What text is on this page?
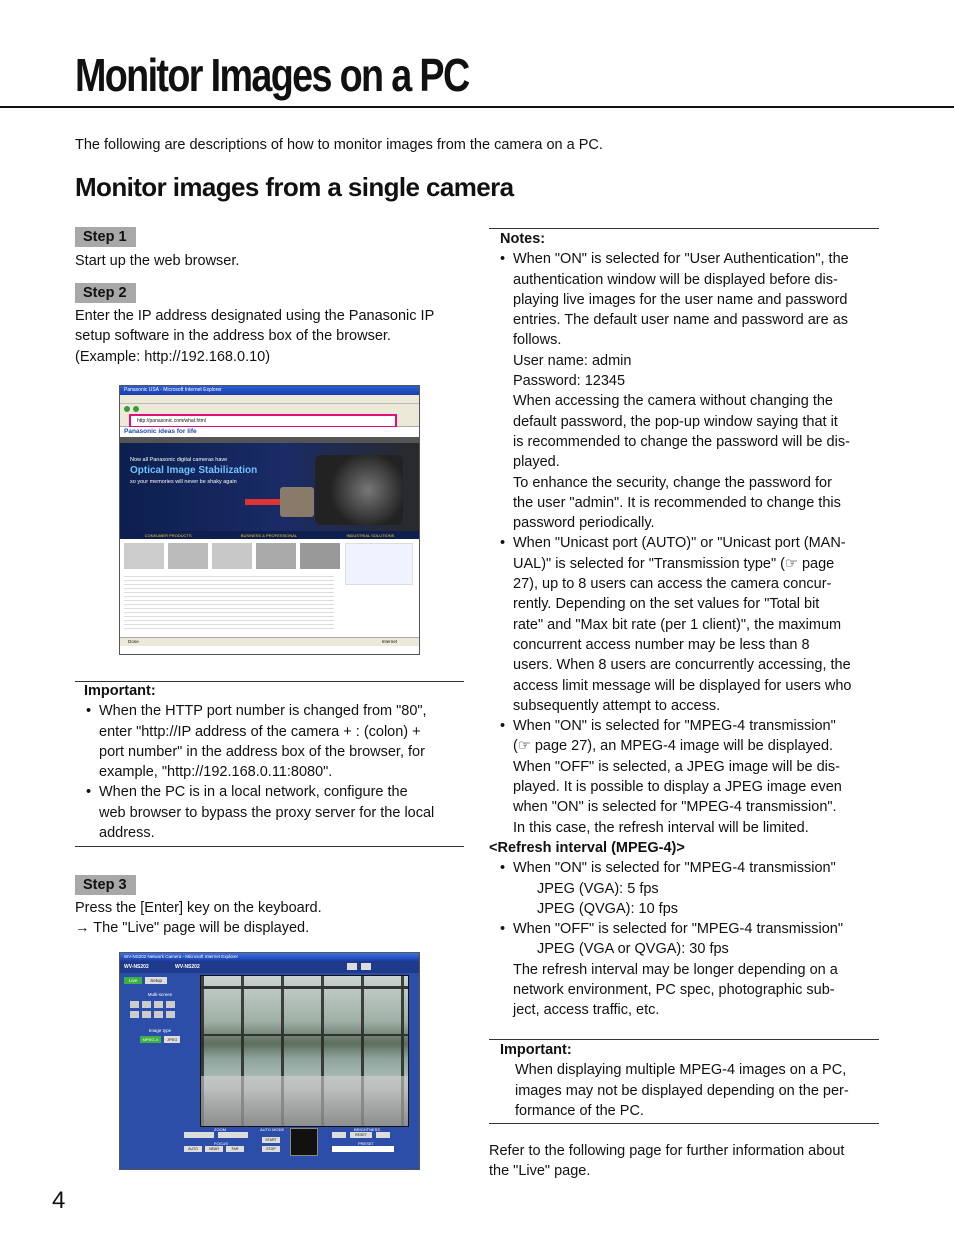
Monitor Images on a PC
The following are descriptions of how to monitor images from the camera on a PC.
Monitor images from a single camera
Step 1
Start up the web browser.
Step 2
Enter the IP address designated using the Panasonic IP
setup software in the address box of the browser.
(Example: http://192.168.0.10)
Panasonic USA - Microsoft Internet Explorer
http://panasonic.com/what.html
Panasonic ideas for life
Now all Panasonic digital cameras have
Optical Image Stabilization
so your memories will never be shaky again
CONSUMER PRODUCTS	BUSINESS & PROFESSIONAL	INDUSTRIAL SOLUTIONS
Done	Internet
Important:
• When the HTTP port number is changed from "80",
enter "http://IP address of the camera + : (colon) +
port number" in the address box of the browser, for
example, "http://192.168.0.11:8080".
• When the PC is in a local network, configure the
web browser to bypass the proxy server for the local
address.
Step 3
Press the [Enter] key on the keyboard.
→ The "Live" page will be displayed.
WV-NS202 Network Camera - Microsoft Internet Explorer
WV-NS202	WV-NS202
Live	Setup
Multi-screen
Image type
MPEG-4	JPEG
ZOOM
FOCUS
AUTO	NEAR	FAR
AUTO MODE
START
STOP
BRIGHTNESS
RESET
PRESET
Notes:
• When "ON" is selected for "User Authentication", the
authentication window will be displayed before dis-
playing live images for the user name and password
entries. The default user name and password are as
follows.
User name: admin
Password: 12345
When accessing the camera without changing the
default password, the pop-up window saying that it
is recommended to change the password will be dis-
played.
To enhance the security, change the password for
the user "admin". It is recommended to change this
password periodically.
• When "Unicast port (AUTO)" or "Unicast port (MAN-
UAL)" is selected for "Transmission type" (☞ page
27), up to 8 users can access the camera concur-
rently. Depending on the set values for "Total bit
rate" and "Max bit rate (per 1 client)", the maximum
concurrent access number may be less than 8
users. When 8 users are concurrently accessing, the
access limit message will be displayed for users who
subsequently attempt to access.
• When "ON" is selected for "MPEG-4 transmission"
(☞ page 27), an MPEG-4 image will be displayed.
When "OFF" is selected, a JPEG image will be dis-
played. It is possible to display a JPEG image even
when "ON" is selected for "MPEG-4 transmission".
In this case, the refresh interval will be limited.
<Refresh interval (MPEG-4)>
• When "ON" is selected for "MPEG-4 transmission"
JPEG (VGA): 5 fps
JPEG (QVGA): 10 fps
• When "OFF" is selected for "MPEG-4 transmission"
JPEG (VGA or QVGA): 30 fps
The refresh interval may be longer depending on a
network environment, PC spec, photographic sub-
ject, access traffic, etc.
Important:
When displaying multiple MPEG-4 images on a PC,
images may not be displayed depending on the per-
formance of the PC.
Refer to the following page for further information about
the "Live" page.
4
